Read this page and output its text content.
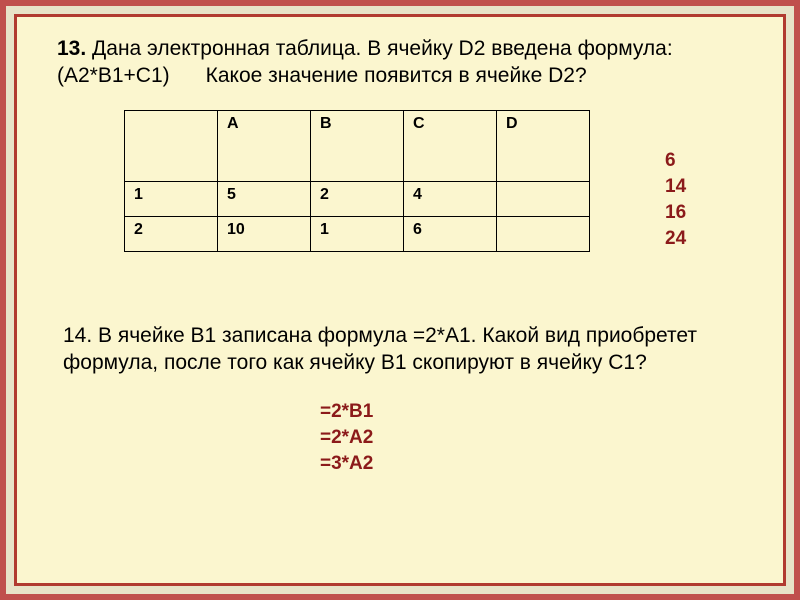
13. Дана электронная таблица. В ячейку D2 введена формула:
(A2*B1+C1) Какое значение появится в ячейке D2?
	A	B	C	D
1	5	2	4	
2	10	1	6	
6
14
16
24
14. В ячейке В1 записана формула =2*A1. Какой вид приобретет
формула, после того как ячейку В1 скопируют в ячейку С1?
=2*B1
=2*A2
=3*A2
